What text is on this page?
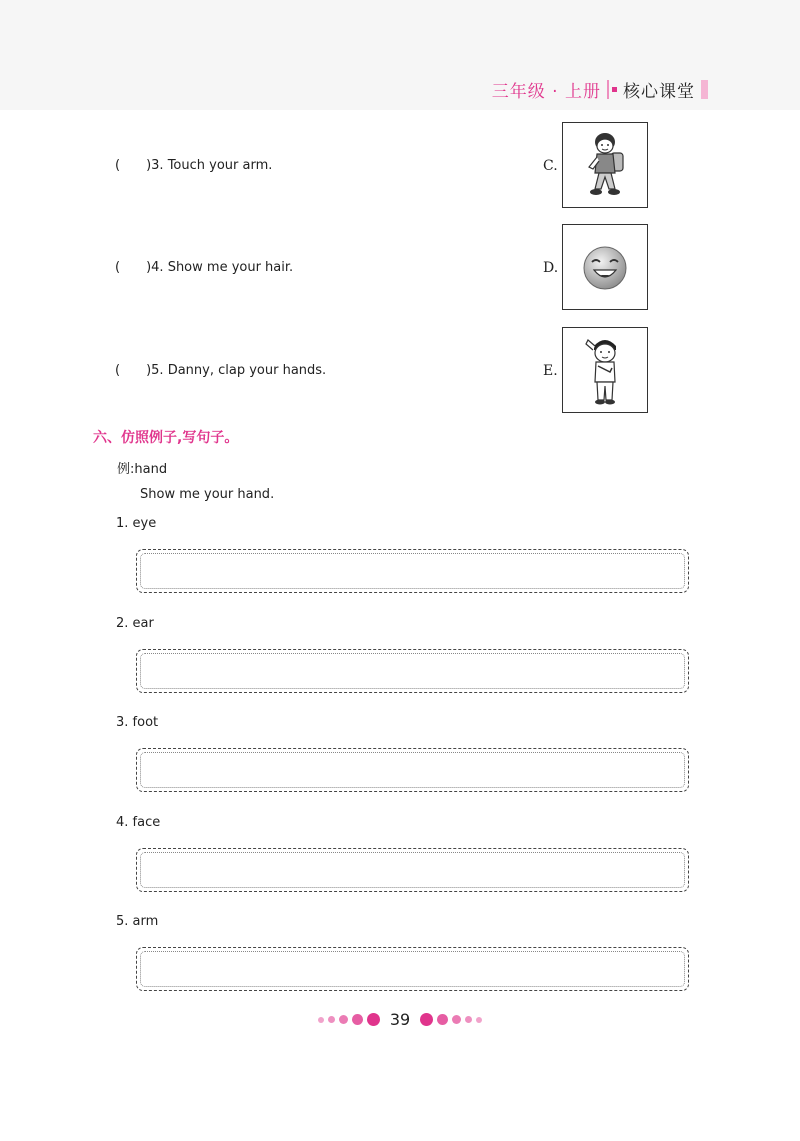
三年级 · 上册 核心课堂
( )3. Touch your arm.	C.
( )4. Show me your hair.	D.
( )5. Danny, clap your hands.	E.
六、仿照例子,写句子。
例:hand
Show me your hand.
1. eye
2. ear
3. foot
4. face
5. arm
39
